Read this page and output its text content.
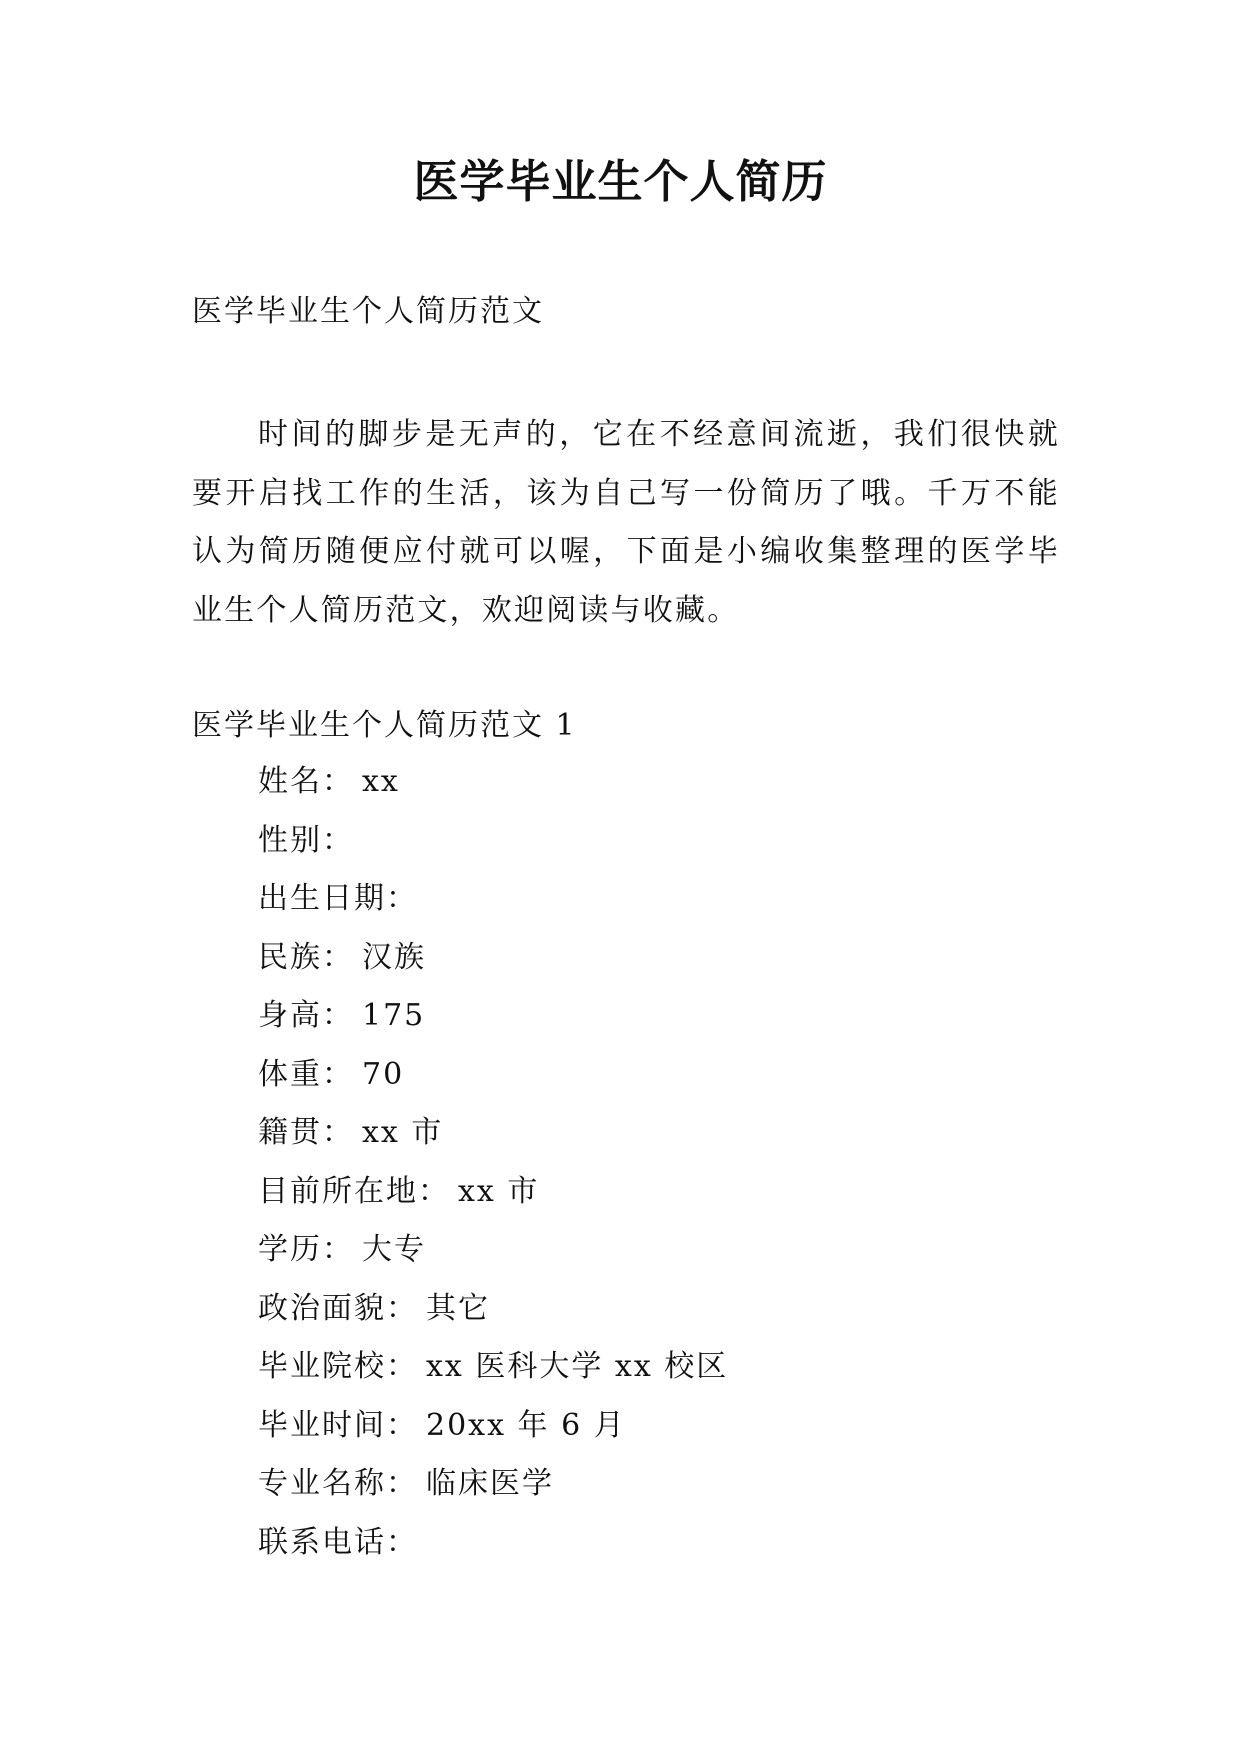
医学毕业生个人简历
医学毕业生个人简历范文

时间的脚步是无声的，它在不经意间流逝，我们很快就要开启找工作的生活，该为自己写一份简历了哦。千万不能认为简历随便应付就可以喔，下面是小编收集整理的医学毕业生个人简历范文，欢迎阅读与收藏。

医学毕业生个人简历范文 1
姓名： xx
性别：
出生日期：
民族： 汉族
身高： 175
体重： 70
籍贯： xx 市
目前所在地： xx 市
学历： 大专
政治面貌： 其它
毕业院校： xx 医科大学 xx 校区
毕业时间： 20xx 年 6 月
专业名称： 临床医学
联系电话：
